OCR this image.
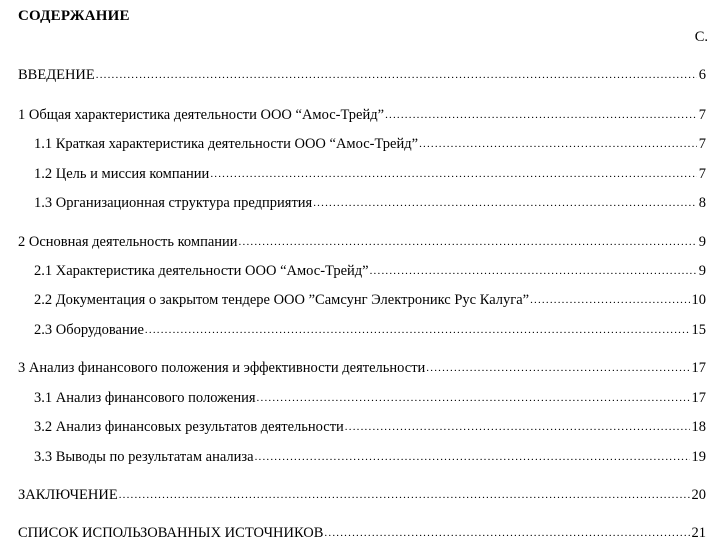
СОДЕРЖАНИЕ
С.
ВВЕДЕНИЕ .....	6
1 Общая характеристика деятельности ООО “Амос-Трейд” .....	7
1.1 Краткая характеристика деятельности ООО “Амос-Трейд” .....	7
1.2 Цель и миссия компании .....	7
1.3 Организационная структура предприятия .....	8
2 Основная деятельность компании .....	9
2.1 Характеристика деятельности ООО “Амос-Трейд” .....	9
2.2 Документация о закрытом тендере ООО ”Самсунг Электроникс Рус Калуга” .....	10
2.3 Оборудование .....	15
3 Анализ финансового положения и эффективности деятельности .....	17
3.1 Анализ финансового положения .....	17
3.2 Анализ финансовых результатов деятельности .....	18
3.3 Выводы по результатам анализа .....	19
ЗАКЛЮЧЕНИЕ .....	20
СПИСОК ИСПОЛЬЗОВАННЫХ ИСТОЧНИКОВ .....	21
